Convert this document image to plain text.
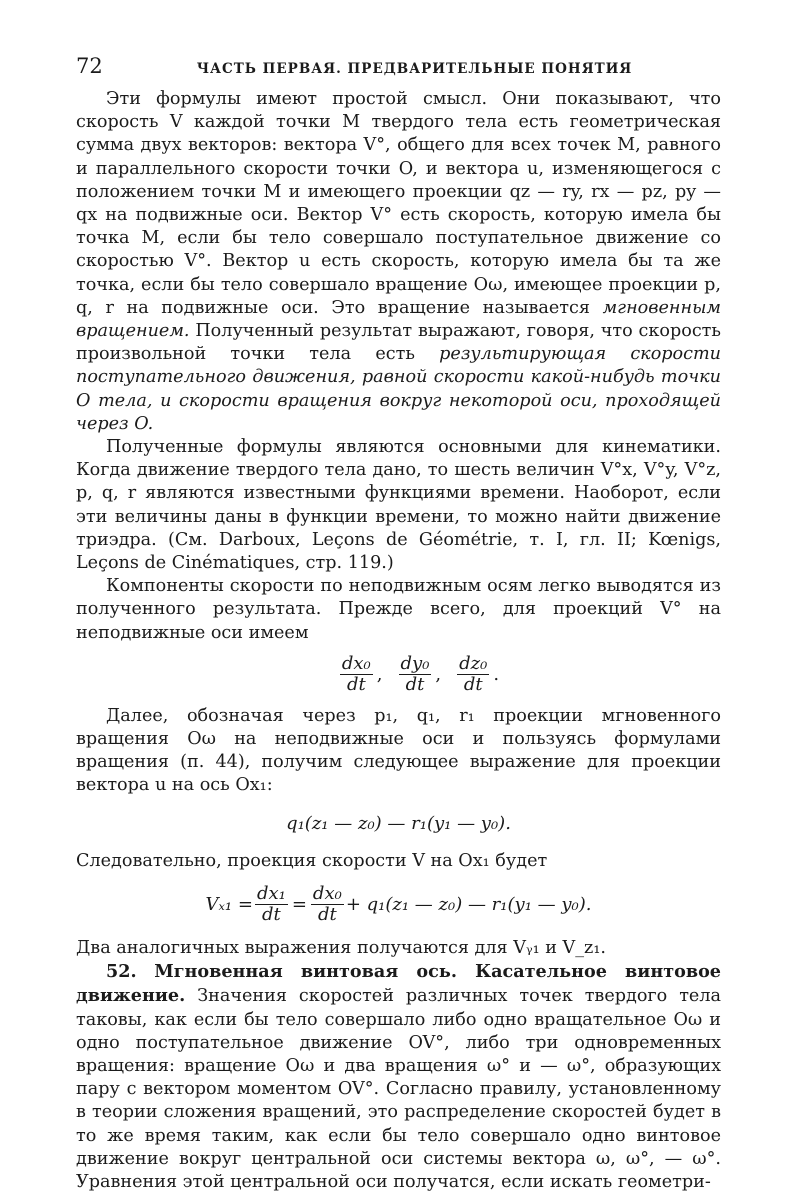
72	ЧАСТЬ ПЕРВАЯ. ПРЕДВАРИТЕЛЬНЫЕ ПОНЯТИЯ

Эти формулы имеют простой смысл. Они показывают, что скорость V каждой точки M твердого тела есть геометрическая сумма двух векторов: вектора V°, общего для всех точек M, равного и параллельного скорости точки O, и вектора u, изменяющегося с положением точки M и имеющего проекции qz — ry, rx — pz, py — qx на подвижные оси. Вектор V° есть скорость, которую имела бы точка M, если бы тело совершало поступательное движение со скоростью V°. Вектор u есть скорость, которую имела бы та же точка, если бы тело совершало вращение Oω, имеющее проекции p, q, r на подвижные оси. Это вращение называется мгновенным вращением. Полученный результат выражают, говоря, что скорость произвольной точки тела есть результирующая скорости поступательного движения, равной скорости какой-нибудь точки O тела, и скорости вращения вокруг некоторой оси, проходящей через O.

Полученные формулы являются основными для кинематики. Когда движение твердого тела дано, то шесть величин V°x, V°y, V°z, p, q, r являются известными функциями времени. Наоборот, если эти величины даны в функции времени, то можно найти движение триэдра. (См. Darboux, Leçons de Géométrie, т. I, гл. II; Kœnigs, Leçons de Cinématiques, стр. 119.)

Компоненты скорости по неподвижным осям легко выводятся из полученного результата. Прежде всего, для проекций V° на неподвижные оси имеем

$\frac{\text{dx₀}}{dt}$ , $\frac{\text{dy₀}}{dt}$ , $\frac{\text{dz₀}}{dt}$ .

Далее, обозначая через p₁, q₁, r₁ проекции мгновенного вращения Oω на неподвижные оси и пользуясь формулами вращения (п. 44), получим следующее выражение для проекции вектора u на ось Ox₁:

q₁(z₁ — z₀) — r₁(y₁ — y₀).

Следовательно, проекция скорости V на Ox₁ будет

$V_{x1} = \frac{\text{dx₁}}{dt} = \frac{\text{dx₀}}{dt} + q_1(z_1$ — z₀) — r₁(y₁ — y₀).

Два аналогичных выражения получаются для Vᵧ₁ и V_z₁.

52. Мгновенная винтовая ось. Касательное винтовое движение. Значения скоростей различных точек твердого тела таковы, как если бы тело совершало либо одно вращательное Oω и одно поступательное движение OV°, либо три одновременных вращения: вращение Oω и два вращения ω° и — ω°, образующих пару с вектором моментом OV°. Согласно правилу, установленному в теории сложения вращений, это распределение скоростей будет в то же время таким, как если бы тело совершало одно винтовое движение вокруг центральной оси системы вектора ω, ω°, — ω°. Уравнения этой центральной оси получатся, если искать геометри-
